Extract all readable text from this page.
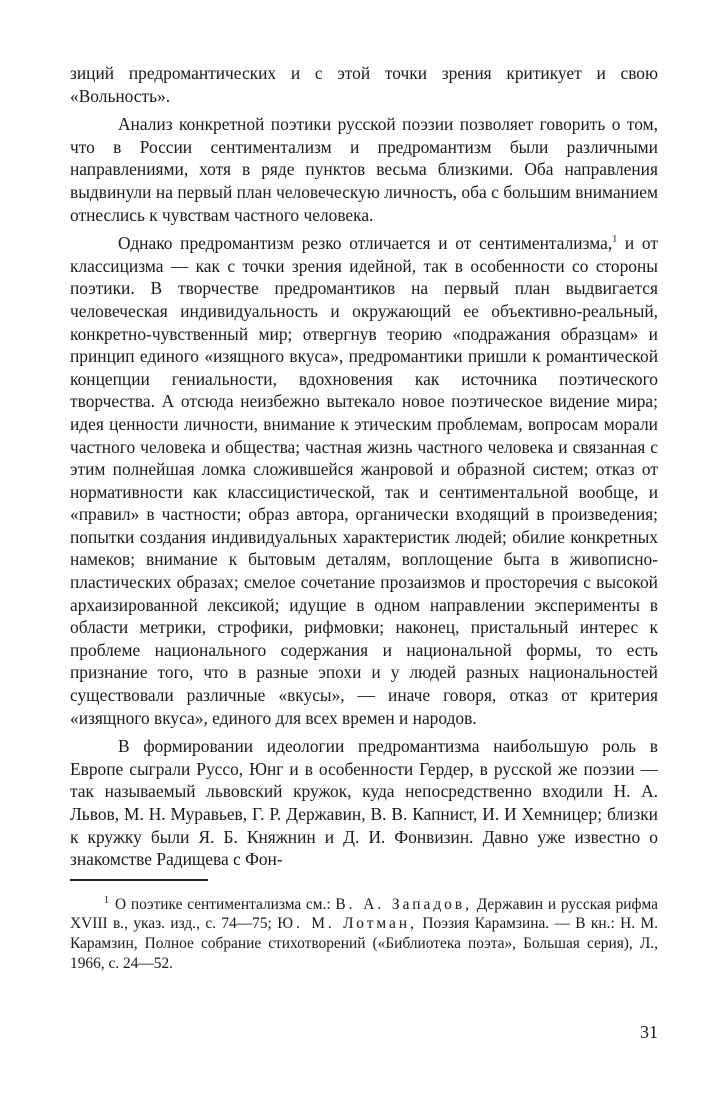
зиций предромантических и с этой точки зрения критикует и свою «Вольность».

Анализ конкретной поэтики русской поэзии позволяет говорить о том, что в России сентиментализм и предромантизм были различными направлениями, хотя в ряде пунктов весьма близкими. Оба направления выдвинули на первый план человеческую личность, оба с большим вниманием отнеслись к чувствам частного человека.

Однако предромантизм резко отличается и от сентиментализма,$^1$ и от классицизма — как с точки зрения идейной, так в особенности со стороны поэтики. В творчестве предромантиков на первый план выдвигается человеческая индивидуальность и окружающий ее объективно-реальный, конкретно-чувственный мир; отвергнув теорию «подражания образцам» и принцип единого «изящного вкуса», предромантики пришли к романтической концепции гениальности, вдохновения как источника поэтического творчества. А отсюда неизбежно вытекало новое поэтическое видение мира; идея ценности личности, внимание к этическим проблемам, вопросам морали частного человека и общества; частная жизнь частного человека и связанная с этим полнейшая ломка сложившейся жанровой и образной систем; отказ от нормативности как классицистической, так и сентиментальной вообще, и «правил» в частности; образ автора, органически входящий в произведения; попытки создания индивидуальных характеристик людей; обилие конкретных намеков; внимание к бытовым деталям, воплощение быта в живописно-пластических образах; смелое сочетание прозаизмов и просторечия с высокой архаизированной лексикой; идущие в одном направлении эксперименты в области метрики, строфики, рифмовки; наконец, пристальный интерес к проблеме национального содержания и национальной формы, то есть признание того, что в разные эпохи и у людей разных национальностей существовали различные «вкусы», — иначе говоря, отказ от критерия «изящного вкуса», единого для всех времен и народов.

В формировании идеологии предромантизма наибольшую роль в Европе сыграли Руссо, Юнг и в особенности Гердер, в русской же поэзии — так называемый львовский кружок, куда непосредственно входили Н. А. Львов, М. Н. Муравьев, Г. Р. Державин, В. В. Капнист, И. И Хемницер; близки к кружку были Я. Б. Княжнин и Д. И. Фонвизин. Давно уже известно о знакомстве Радищева с Фон-

$^1$ О поэтике сентиментализма см.: В. А. Западов, Державин и русская рифма XVIII в., указ. изд., с. 74—75; Ю. М. Лотман, Поэзия Карамзина. — В кн.: Н. М. Карамзин, Полное собрание стихотворений («Библиотека поэта», Большая серия), Л., 1966, с. 24—52.

31
